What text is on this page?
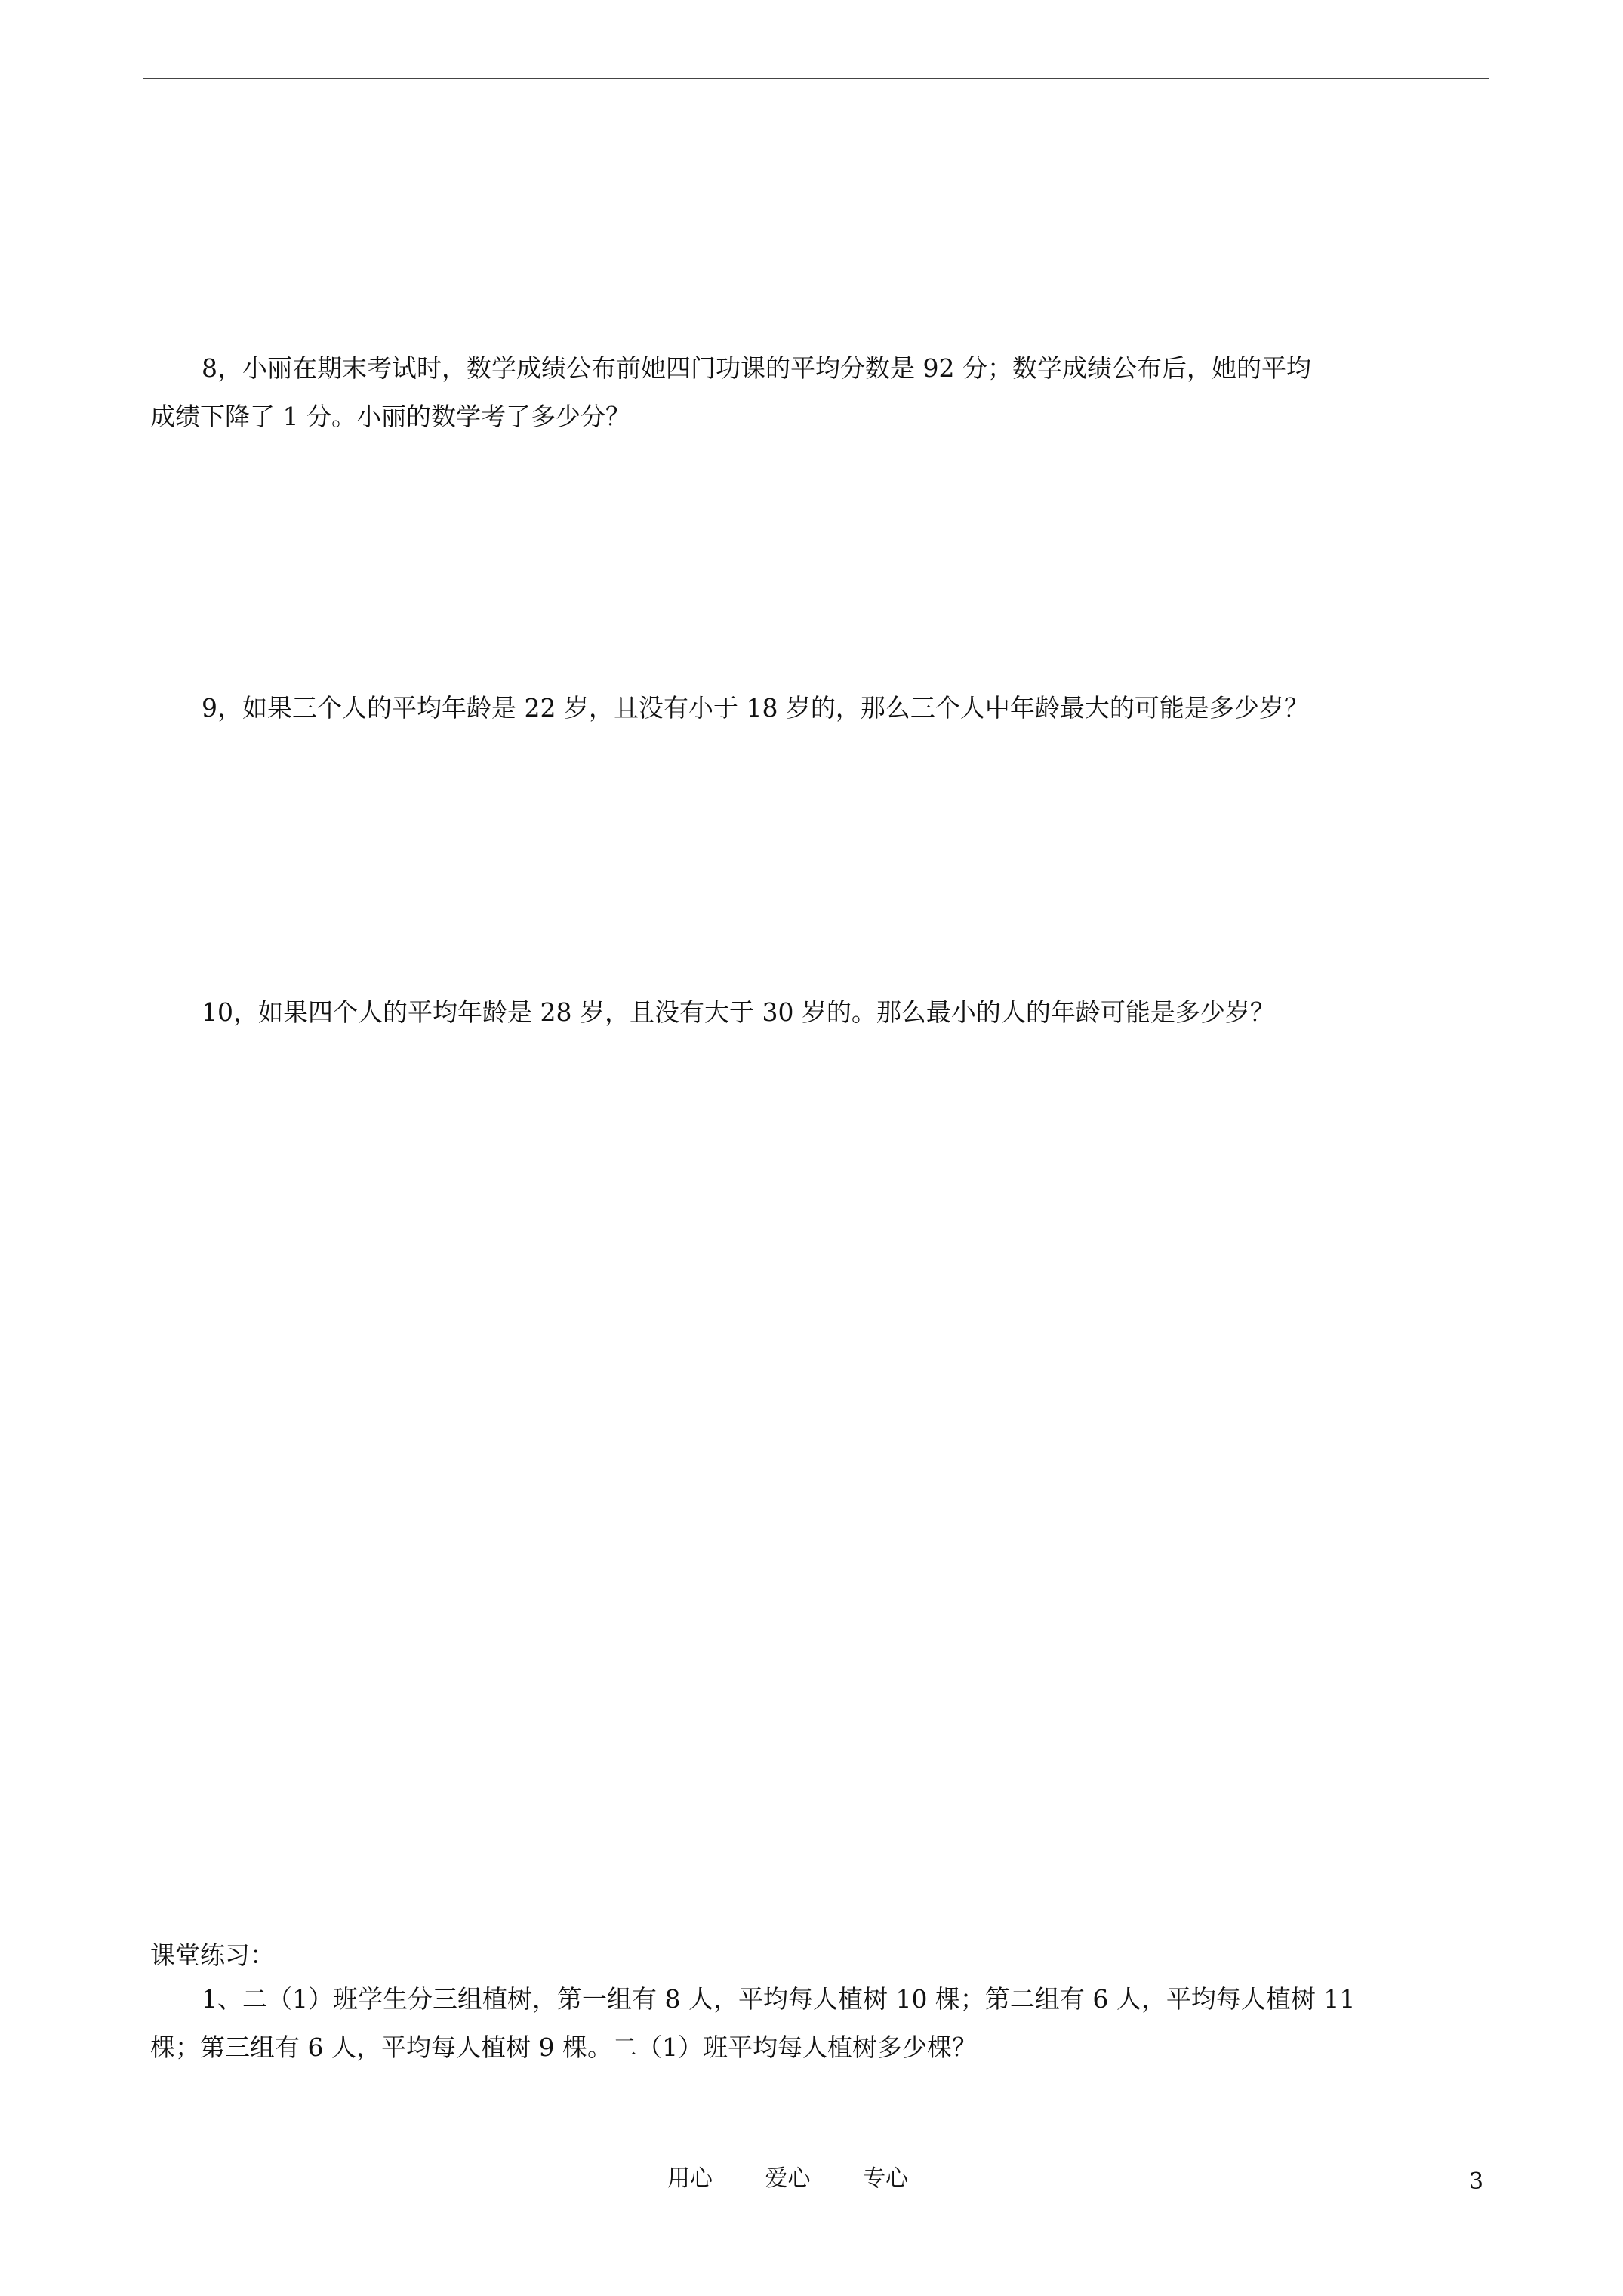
8，小丽在期末考试时，数学成绩公布前她四门功课的平均分数是 92 分；数学成绩公布后，她的平均

成绩下降了 1 分。小丽的数学考了多少分？

9，如果三个人的平均年龄是 22 岁，且没有小于 18 岁的，那么三个人中年龄最大的可能是多少岁？

10，如果四个人的平均年龄是 28 岁，且没有大于 30 岁的。那么最小的人的年龄可能是多少岁？

课堂练习：

1、二（1）班学生分三组植树，第一组有 8 人，平均每人植树 10 棵；第二组有 6 人，平均每人植树 11

棵；第三组有 6 人，平均每人植树 9 棵。二（1）班平均每人植树多少棵？

用心 爱心 专心	3
